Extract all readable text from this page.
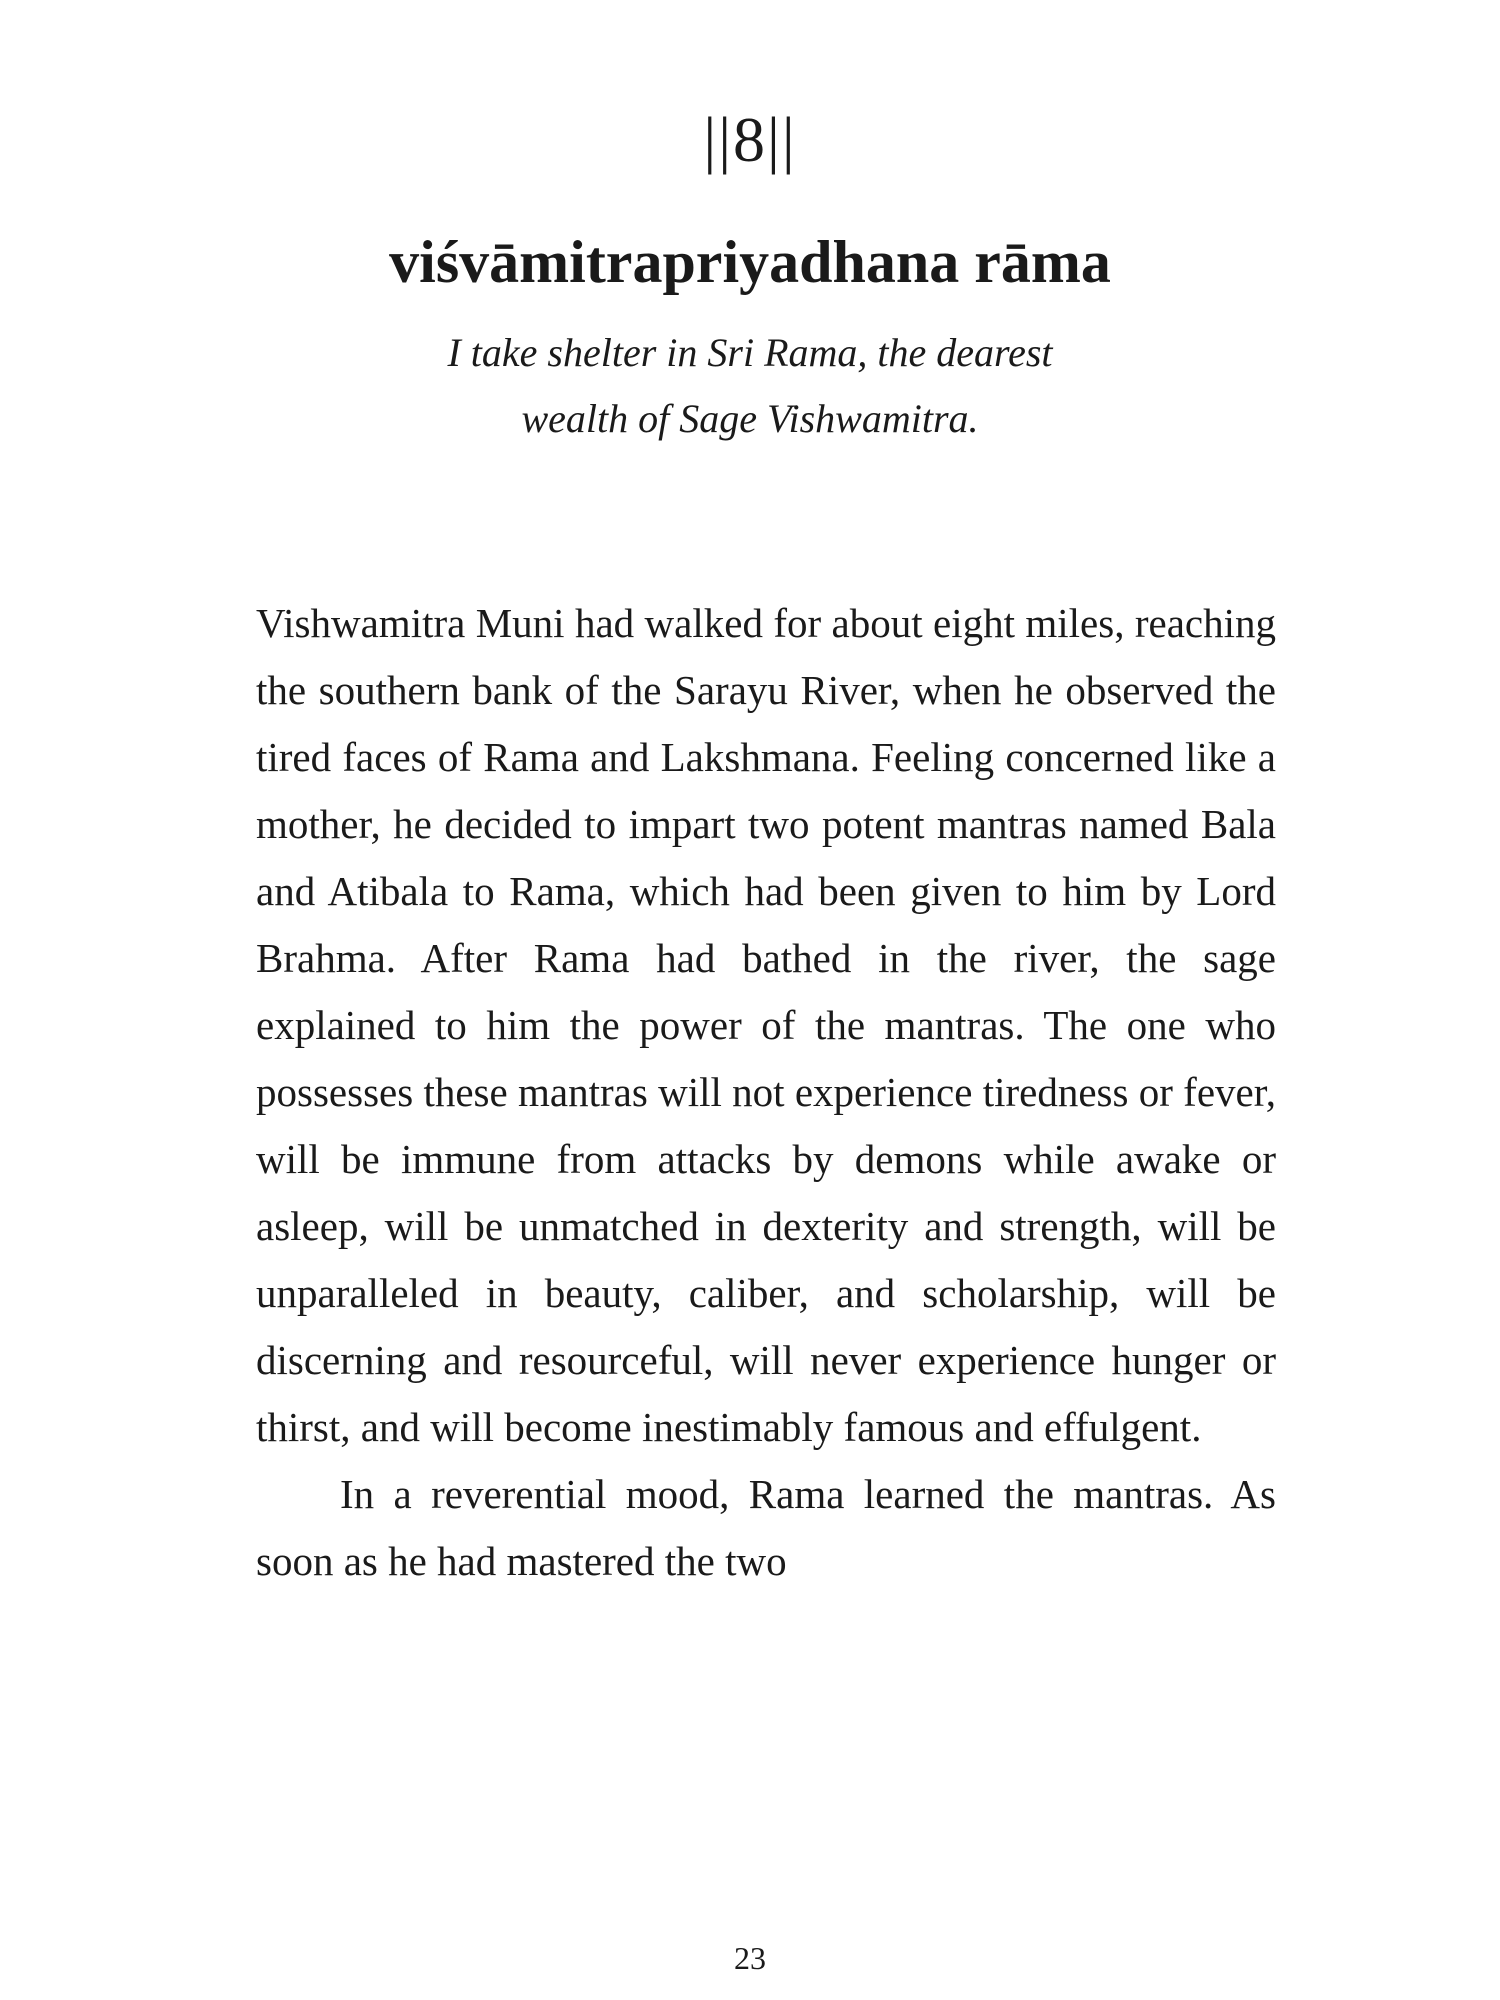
||8||
viśvāmitrapriyadhana rāma
I take shelter in Sri Rama, the dearest
wealth of Sage Vishwamitra.

Vishwamitra Muni had walked for about eight miles, reaching the southern bank of the Sarayu River, when he observed the tired faces of Rama and Lakshmana. Feeling concerned like a mother, he decided to impart two potent mantras named Bala and Atibala to Rama, which had been given to him by Lord Brahma. After Rama had bathed in the river, the sage explained to him the power of the mantras. The one who possesses these mantras will not experience tiredness or fever, will be immune from attacks by demons while awake or asleep, will be unmatched in dexterity and strength, will be unparalleled in beauty, caliber, and scholarship, will be discerning and resourceful, will never experience hunger or thirst, and will become inestimably famous and effulgent.

In a reverential mood, Rama learned the mantras. As soon as he had mastered the two

23
